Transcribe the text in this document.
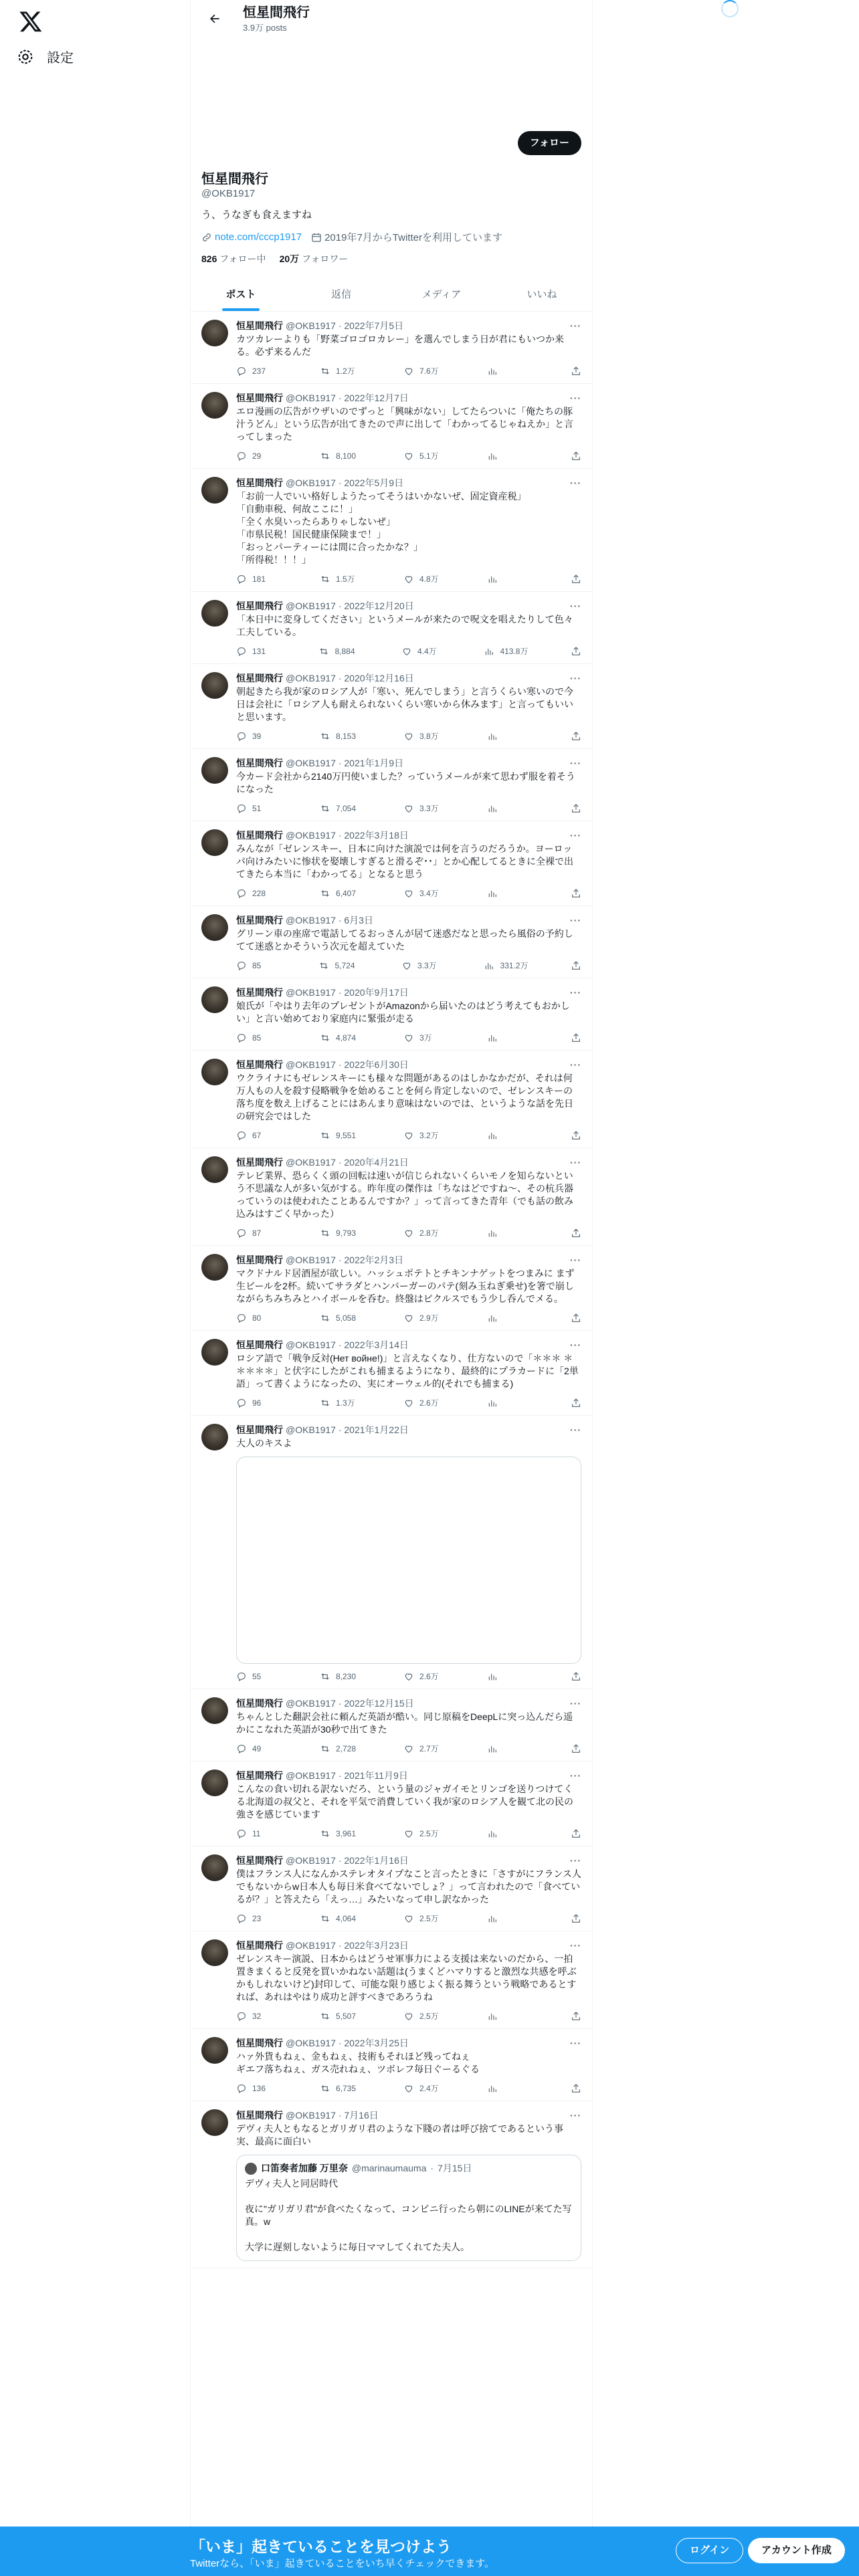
設定
恒星間飛行
3.9万 posts
フォロー
恒星間飛行
@OKB1917
う、うなぎも食えますね
note.com/cccp1917 2019年7月からTwitterを利用しています
826 フォロー中 20万 フォロワー
ポスト	返信	メディア	いいね
恒星間飛行 @OKB1917 · 2022年7月5日	···
カツカレーよりも「野菜ゴロゴロカレー」を選んでしまう日が君にもいつか来る。必ず来るんだ
237	1.2万	7.6万
恒星間飛行 @OKB1917 · 2022年12月7日	···
エロ漫画の広告がウザいのでずっと「興味がない」してたらついに「俺たちの豚汁うどん」という広告が出てきたので声に出して「わかってるじゃねえか」と言ってしまった
29	8,100	5.1万
恒星間飛行 @OKB1917 · 2022年5月9日	···
「お前一人でいい格好しようたってそうはいかないぜ、固定資産税」
「自動車税、何故ここに！」
「全く水臭いったらありゃしないぜ」
「市県民税！国民健康保険まで！」
「おっとパーティーには間に合ったかな？」
「所得税！！！」
181	1.5万	4.8万
恒星間飛行 @OKB1917 · 2022年12月20日	···
「本日中に変身してください」というメールが来たので呪文を唱えたりして色々工夫している。
131	8,884	4.4万	413.8万
恒星間飛行 @OKB1917 · 2020年12月16日	···
朝起きたら我が家のロシア人が「寒い、死んでしまう」と言うくらい寒いので今日は会社に「ロシア人も耐えられないくらい寒いから休みます」と言ってもいいと思います。
39	8,153	3.8万
恒星間飛行 @OKB1917 · 2021年1月9日	···
今カード会社から2140万円使いました？っていうメールが来て思わず服を着そうになった
51	7,054	3.3万
恒星間飛行 @OKB1917 · 2022年3月18日	···
みんなが「ゼレンスキー、日本に向けた演説では何を言うのだろうか。ヨーロッパ向けみたいに惨状を娶壊しすぎると滑るぞ･･」とか心配してるときに全裸で出てきたら本当に「わかってる」となると思う
228	6,407	3.4万
恒星間飛行 @OKB1917 · 6月3日	···
グリーン車の座席で電話してるおっさんが居て迷惑だなと思ったら風俗の予約してて迷惑とかそういう次元を超えていた
85	5,724	3.3万	331.2万
恒星間飛行 @OKB1917 · 2020年9月17日	···
娘氏が「やはり去年のプレゼントがAmazonから届いたのはどう考えてもおかしい」と言い始めており家庭内に緊張が走る
85	4,874	3万
恒星間飛行 @OKB1917 · 2022年6月30日	···
ウクライナにもゼレンスキーにも様々な問題があるのはしかなかだが、それは何万人もの人を殺す侵略戦争を始めることを何ら肯定しないので、ゼレンスキーの落ち度を数え上げることにはあんまり意味はないのでは、というような話を先日の研究会ではした
67	9,551	3.2万
恒星間飛行 @OKB1917 · 2020年4月21日	···
テレビ業界、恐らくく頭の回転は速いが信じられないくらいモノを知らないという不思議な人が多い気がする。昨年度の傑作は「ちなはどですね～、その杭兵器っていうのは使われたことあるんですか？」って言ってきた青年（でも話の飲み込みはすごく早かった）
87	9,793	2.8万
恒星間飛行 @OKB1917 · 2022年2月3日	···
マクドナルド居酒屋が欲しい。ハッシュポテトとチキンナゲットをつまみに まず生ビールを2杯。続いてサラダとハンバーガーのパテ(刻み玉ねぎ乗せ)を箸で崩しながらちみちみとハイボールを呑む。終盤はピクルスでもう少し呑んでメる。
80	5,058	2.9万
恒星間飛行 @OKB1917 · 2022年3月14日	···
ロシア語で「戦争反対(Нет войне!)」と言えなくなり、仕方ないので「＊＊＊ ＊＊＊＊＊」と伏字にしたがこれも捕まるようになり、最終的にプラカードに「2単語」って書くようになったの、実にオーウェル的(それでも捕まる)
96	1.3万	2.6万
恒星間飛行 @OKB1917 · 2021年1月22日	···
大人のキスよ
55	8,230	2.6万
恒星間飛行 @OKB1917 · 2022年12月15日	···
ちゃんとした翻訳会社に頼んだ英語が酷い。同じ原稿をDeepLに突っ込んだら遥かにこなれた英語が30秒で出てきた
49	2,728	2.7万
恒星間飛行 @OKB1917 · 2021年11月9日	···
こんなの食い切れる訳ないだろ、という量のジャガイモとリンゴを送りつけてくる北海道の叔父と、それを平気で消費していく我が家のロシア人を観て北の民の強さを感じています
11	3,961	2.5万
恒星間飛行 @OKB1917 · 2022年1月16日	···
僕はフランス人になんかステレオタイプなこと言ったときに「さすがにフランス人でもないからw日本人も毎日米食べてないでしょ？」って言われたので「食べているが？」と答えたら「えっ…」みたいなって申し訳なかった
23	4,064	2.5万
恒星間飛行 @OKB1917 · 2022年3月23日	···
ゼレンスキー演説、日本からはどうせ軍事力による支援は来ないのだから、一拍置きまくると反発を買いかねない話題は(うまくどハマりすると激烈な共感を呼ぶかもしれないけど)封印して、可能な限り感じよく振る舞うという戦略であるとすれば、あれはやはり成功と評すべきであろうね
32	5,507	2.5万
恒星間飛行 @OKB1917 · 2022年3月25日	···
ハァ外貨もねぇ、金もねぇ、技術もそれほど残ってねぇ
ギエフ落ちねぇ、ガス売れねぇ、ツボレフ毎日ぐーるぐる
136	6,735	2.4万
恒星間飛行 @OKB1917 · 7月16日	···
デヴィ夫人ともなるとガリガリ君のような下賤の者は呼び捨てであるという事実、最高に面白い
口笛奏者加藤 万里奈 @marinaumauma · 7月15日
デヴィ夫人と同居時代

夜に"ガリガリ君"が食べたくなって、コンビニ行ったら朝にのLINEが来てた写真。w

大学に遅刻しないように毎日ママしてくれてた夫人。
「いま」起きていることを見つけよう
Twitterなら、「いま」起きていることをいち早くチェックできます。
ログイン	アカウント作成
